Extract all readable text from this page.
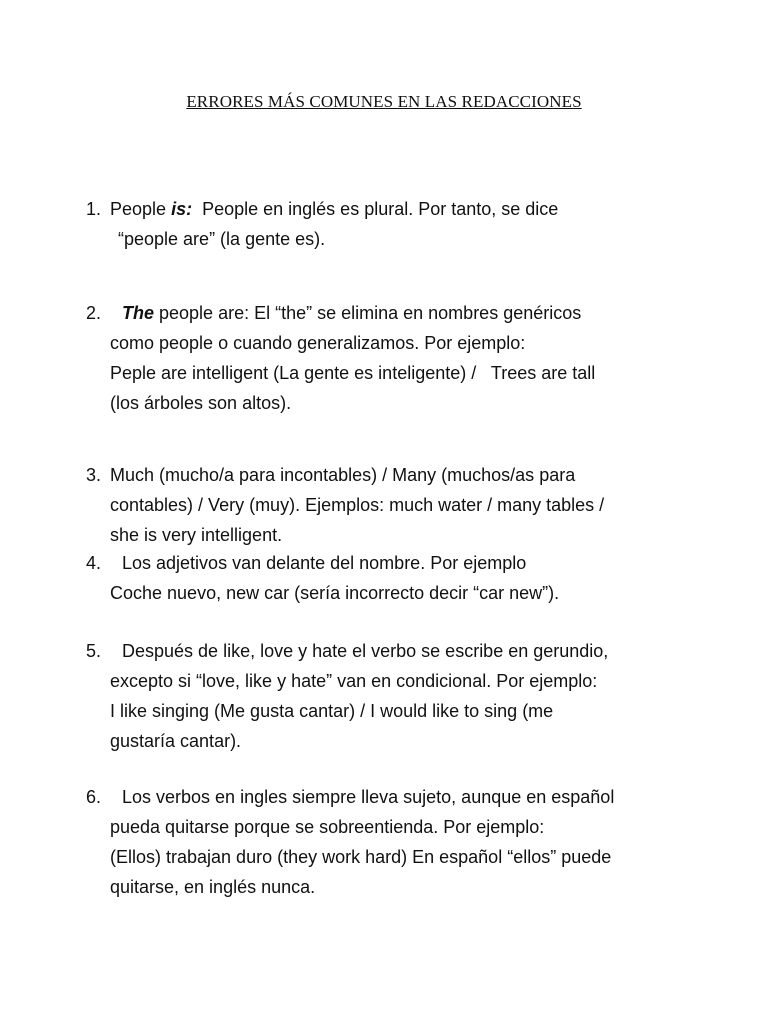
ERRORES MÁS COMUNES EN LAS REDACCIONES
1. People is:  People en inglés es plural. Por tanto, se dice
“people are” (la gente es).
2.	The people are: El “the” se elimina en nombres genéricos
como people o cuando generalizamos. Por ejemplo:
Peple are intelligent (La gente es inteligente) /   Trees are tall
(los árboles son altos).
3. Much (mucho/a para incontables) / Many (muchos/as para
contables) / Very (muy). Ejemplos: much water / many tables /
she is very intelligent.
4.	Los adjetivos van delante del nombre. Por ejemplo
Coche nuevo, new car (sería incorrecto decir “car new”).
5.	Después de like, love y hate el verbo se escribe en gerundio,
excepto si “love, like y hate” van en condicional. Por ejemplo:
I like singing (Me gusta cantar) / I would like to sing (me
gustaría cantar).
6.	Los verbos en ingles siempre lleva sujeto, aunque en español
pueda quitarse porque se sobreentienda. Por ejemplo:
(Ellos) trabajan duro (they work hard) En español “ellos” puede
quitarse, en inglés nunca.
